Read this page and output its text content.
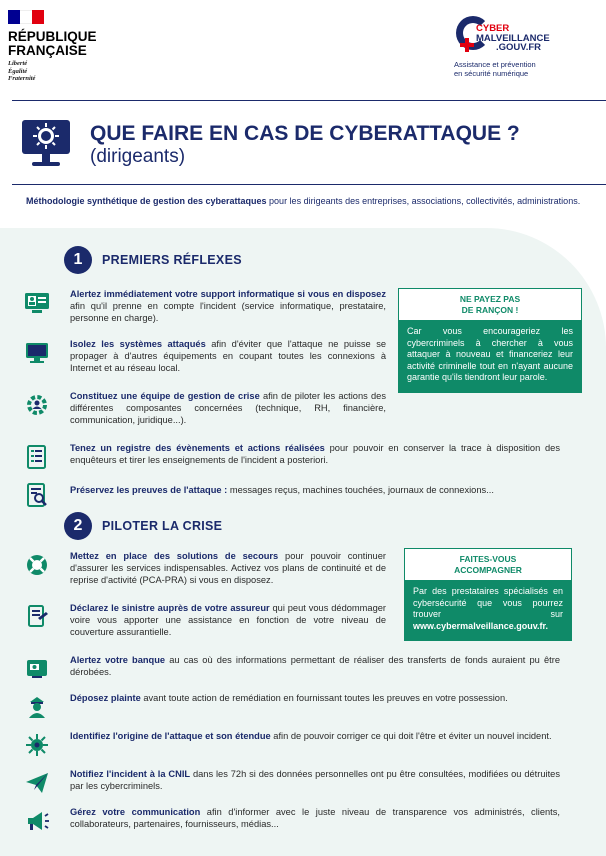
RÉPUBLIQUE
FRANÇAISE
Liberté
Égalité
Fraternité
CYBER
MALVEILLANCE
.GOUV.FR
Assistance et prévention
en sécurité numérique
QUE FAIRE EN CAS DE CYBERATTAQUE ?
(dirigeants)
Méthodologie synthétique de gestion des cyberattaques pour les dirigeants des entreprises, associations, collectivités, administrations.
1	PREMIERS RÉFLEXES
Alertez immédiatement votre support informatique si vous en disposez afin qu'il prenne en compte l'incident (service informatique, prestataire, personne en charge).
Isolez les systèmes attaqués afin d'éviter que l'attaque ne puisse se propager à d'autres équipements en coupant toutes les connexions à Internet et au réseau local.
Constituez une équipe de gestion de crise afin de piloter les actions des différentes composantes concernées (technique, RH, financière, communication, juridique...).
Tenez un registre des évènements et actions réalisées pour pouvoir en conserver la trace à disposition des enquêteurs et tirer les enseignements de l'incident a posteriori.
Préservez les preuves de l'attaque : messages reçus, machines touchées, journaux de connexions...
NE PAYEZ PAS
DE RANÇON !
Car vous encourageriez les cybercriminels à chercher à vous attaquer à nouveau et financeriez leur activité criminelle tout en n'ayant aucune garantie qu'ils tiendront leur parole.
2	PILOTER LA CRISE
Mettez en place des solutions de secours pour pouvoir continuer d'assurer les services indispensables. Activez vos plans de continuité et de reprise d'activité (PCA-PRA) si vous en disposez.
Déclarez le sinistre auprès de votre assureur qui peut vous dédommager voire vous apporter une assistance en fonction de votre niveau de couverture assurantielle.
Alertez votre banque au cas où des informations permettant de réaliser des transferts de fonds auraient pu être dérobées.
Déposez plainte avant toute action de remédiation en fournissant toutes les preuves en votre possession.
Identifiez l'origine de l'attaque et son étendue afin de pouvoir corriger ce qui doit l'être et éviter un nouvel incident.
Notifiez l'incident à la CNIL dans les 72h si des données personnelles ont pu être consultées, modifiées ou détruites par les cybercriminels.
Gérez votre communication afin d'informer avec le juste niveau de transparence vos administrés, clients, collaborateurs, partenaires, fournisseurs, médias...
FAITES-VOUS
ACCOMPAGNER
Par des prestataires spécialisés en cybersécurité que vous pourrez trouver sur www.cybermalveillance.gouv.fr.
